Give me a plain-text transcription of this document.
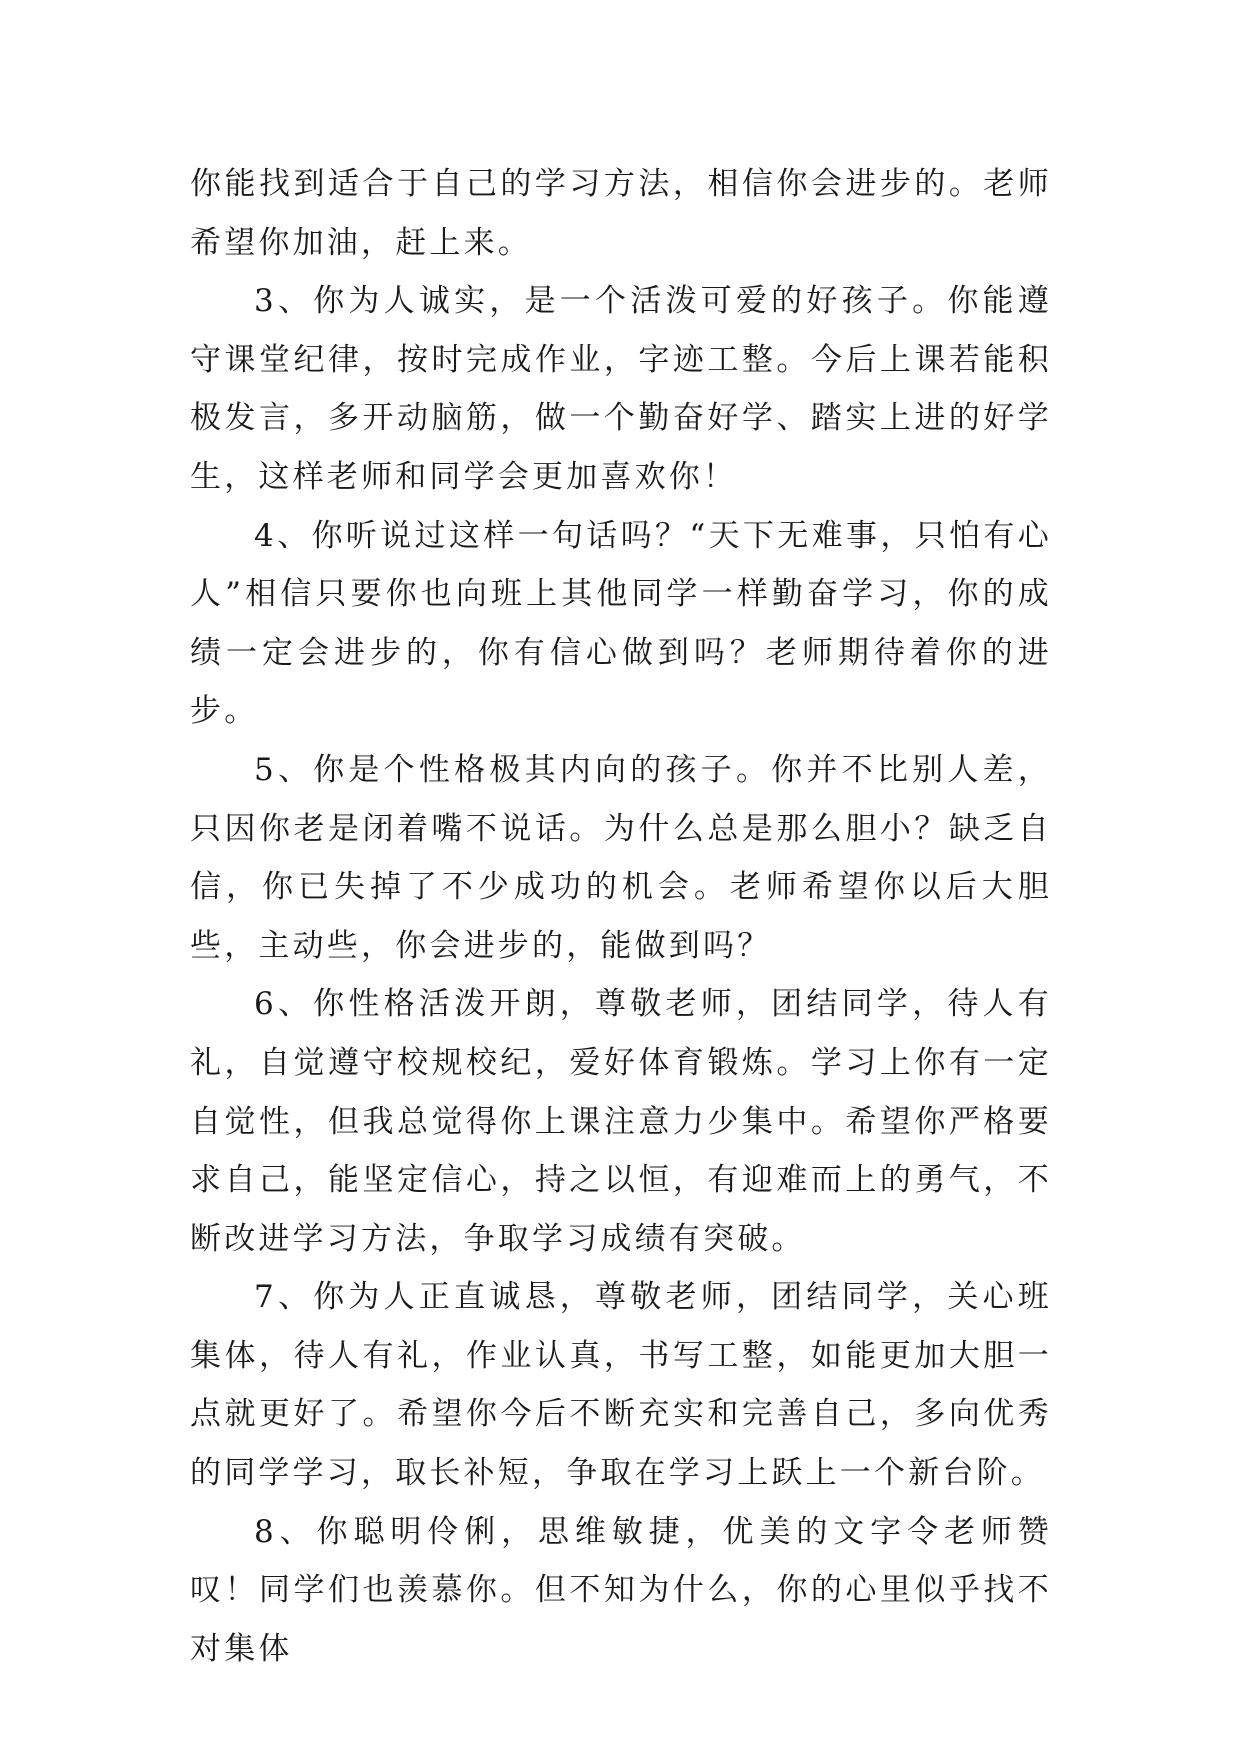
你能找到适合于自己的学习方法，相信你会进步的。老师希望你加油，赶上来。

3、你为人诚实，是一个活泼可爱的好孩子。你能遵守课堂纪律，按时完成作业，字迹工整。今后上课若能积极发言，多开动脑筋，做一个勤奋好学、踏实上进的好学生，这样老师和同学会更加喜欢你！

4、你听说过这样一句话吗？“天下无难事，只怕有心人”相信只要你也向班上其他同学一样勤奋学习，你的成绩一定会进步的，你有信心做到吗？老师期待着你的进步。

5、你是个性格极其内向的孩子。你并不比别人差，只因你老是闭着嘴不说话。为什么总是那么胆小？缺乏自信，你已失掉了不少成功的机会。老师希望你以后大胆些，主动些，你会进步的，能做到吗？

6、你性格活泼开朗，尊敬老师，团结同学，待人有礼，自觉遵守校规校纪，爱好体育锻炼。学习上你有一定自觉性，但我总觉得你上课注意力少集中。希望你严格要求自己，能坚定信心，持之以恒，有迎难而上的勇气，不断改进学习方法，争取学习成绩有突破。

7、你为人正直诚恳，尊敬老师，团结同学，关心班集体，待人有礼，作业认真，书写工整，如能更加大胆一点就更好了。希望你今后不断充实和完善自己，多向优秀的同学学习，取长补短，争取在学习上跃上一个新台阶。

8、你聪明伶俐，思维敏捷，优美的文字令老师赞叹！同学们也羡慕你。但不知为什么，你的心里似乎找不对集体
